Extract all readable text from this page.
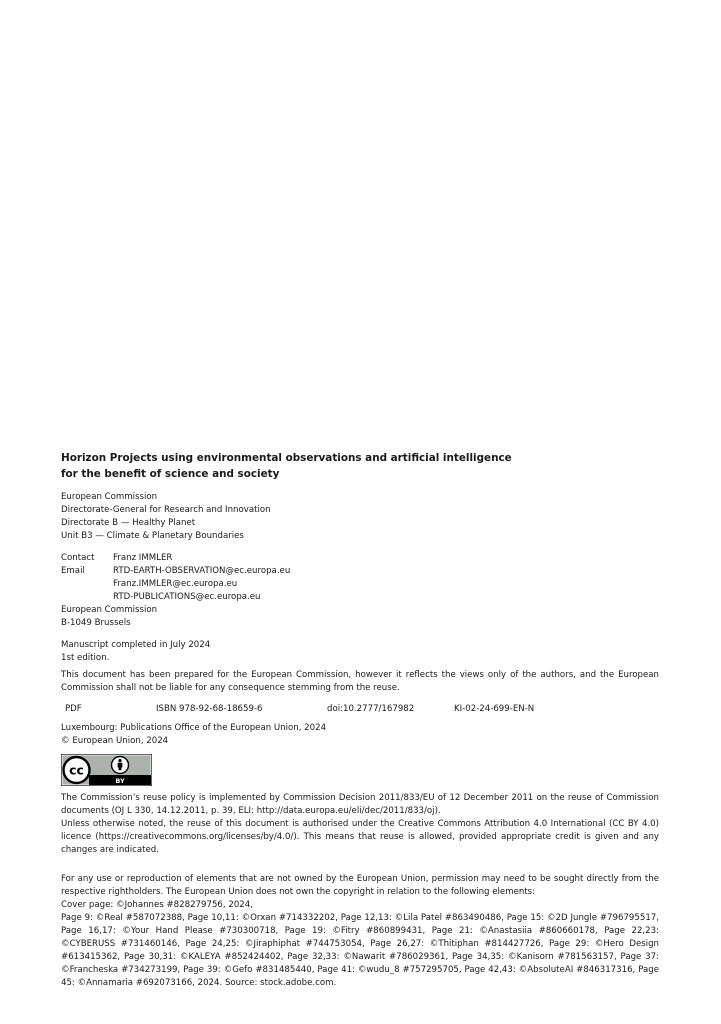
Horizon Projects using environmental observations and artificial intelligence
for the benefit of science and society

European Commission
Directorate-General for Research and Innovation
Directorate B — Healthy Planet
Unit B3 — Climate & Planetary Boundaries
Contact	Franz IMMLER
Email	RTD-EARTH-OBSERVATION@ec.europa.eu
Franz.IMMLER@ec.europa.eu
RTD-PUBLICATIONS@ec.europa.eu
European Commission
B-1049 Brussels
Manuscript completed in July 2024
1st edition.
This document has been prepared for the European Commission, however it reflects the views only of the authors, and the European Commission shall not be liable for any consequence stemming from the reuse.
PDF	ISBN 978-92-68-18659-6	doi:10.2777/167982	KI-02-24-699-EN-N
Luxembourg: Publications Office of the European Union, 2024
© European Union, 2024
cc
BY
The Commission’s reuse policy is implemented by Commission Decision 2011/833/EU of 12 December 2011 on the reuse of Commission documents (OJ L 330, 14.12.2011, p. 39, ELI: http://data.europa.eu/eli/dec/2011/833/oj).
Unless otherwise noted, the reuse of this document is authorised under the Creative Commons Attribution 4.0 International (CC BY 4.0) licence (https://creativecommons.org/licenses/by/4.0/). This means that reuse is allowed, provided appropriate credit is given and any changes are indicated.
For any use or reproduction of elements that are not owned by the European Union, permission may need to be sought directly from the respective rightholders. The European Union does not own the copyright in relation to the following elements:
Cover page: ©Johannes #828279756, 2024,
Page 9: ©Real #587072388, Page 10,11: ©Orxan #714332202, Page 12,13: ©Lila Patel #863490486, Page 15: ©2D Jungle #796795517, Page 16,17: ©Your Hand Please #730300718, Page 19: ©Fitry #860899431, Page 21: ©Anastasiia #860660178, Page 22,23: ©CYBERUSS #731460146, Page 24,25: ©Jiraphiphat #744753054, Page 26,27: ©Thitiphan #814427726, Page 29: ©Hero Design #613415362, Page 30,31: ©KALEYA #852424402, Page 32,33: ©Nawarit #786029361, Page 34,35: ©Kanisorn #781563157, Page 37: ©Francheska #734273199, Page 39: ©Gefo #831485440, Page 41: ©wudu_8 #757295705, Page 42,43: ©AbsoluteAI #846317316, Page 45: ©Annamaria #692073166, 2024. Source: stock.adobe.com.
